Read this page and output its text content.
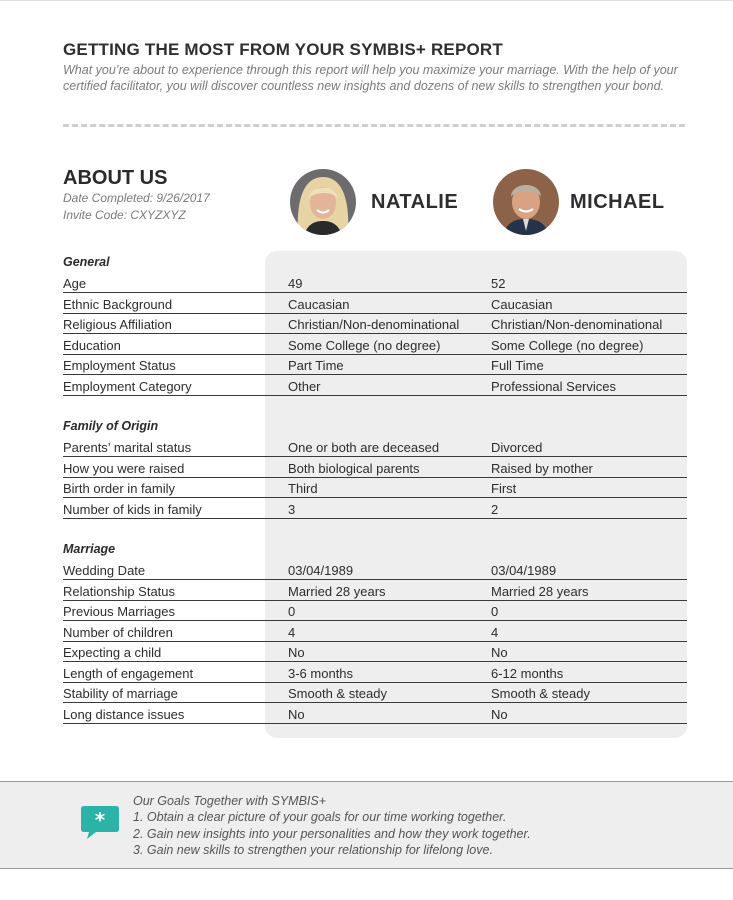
GETTING THE MOST FROM YOUR SYMBIS+ REPORT

What you’re about to experience through this report will help you maximize your marriage. With the help of your certified facilitator, you will discover countless new insights and dozens of new skills to strengthen your bond.

ABOUT US
Date Completed: 9/26/2017
Invite Code: CXYZXYZ
NATALIE	MICHAEL
General
Age	49	52
Ethnic Background	Caucasian	Caucasian
Religious Affiliation	Christian/Non-denominational	Christian/Non-denominational
Education	Some College (no degree)	Some College (no degree)
Employment Status	Part Time	Full Time
Employment Category	Other	Professional Services
Family of Origin
Parents’ marital status	One or both are deceased	Divorced
How you were raised	Both biological parents	Raised by mother
Birth order in family	Third	First
Number of kids in family	3	2
Marriage
Wedding Date	03/04/1989	03/04/1989
Relationship Status	Married 28 years	Married 28 years
Previous Marriages	0	0
Number of children	4	4
Expecting a child	No	No
Length of engagement	3-6 months	6-12 months
Stability of marriage	Smooth & steady	Smooth & steady
Long distance issues	No	No
*
Our Goals Together with SYMBIS+
1. Obtain a clear picture of your goals for our time working together.
2. Gain new insights into your personalities and how they work together.
3. Gain new skills to strengthen your relationship for lifelong love.
